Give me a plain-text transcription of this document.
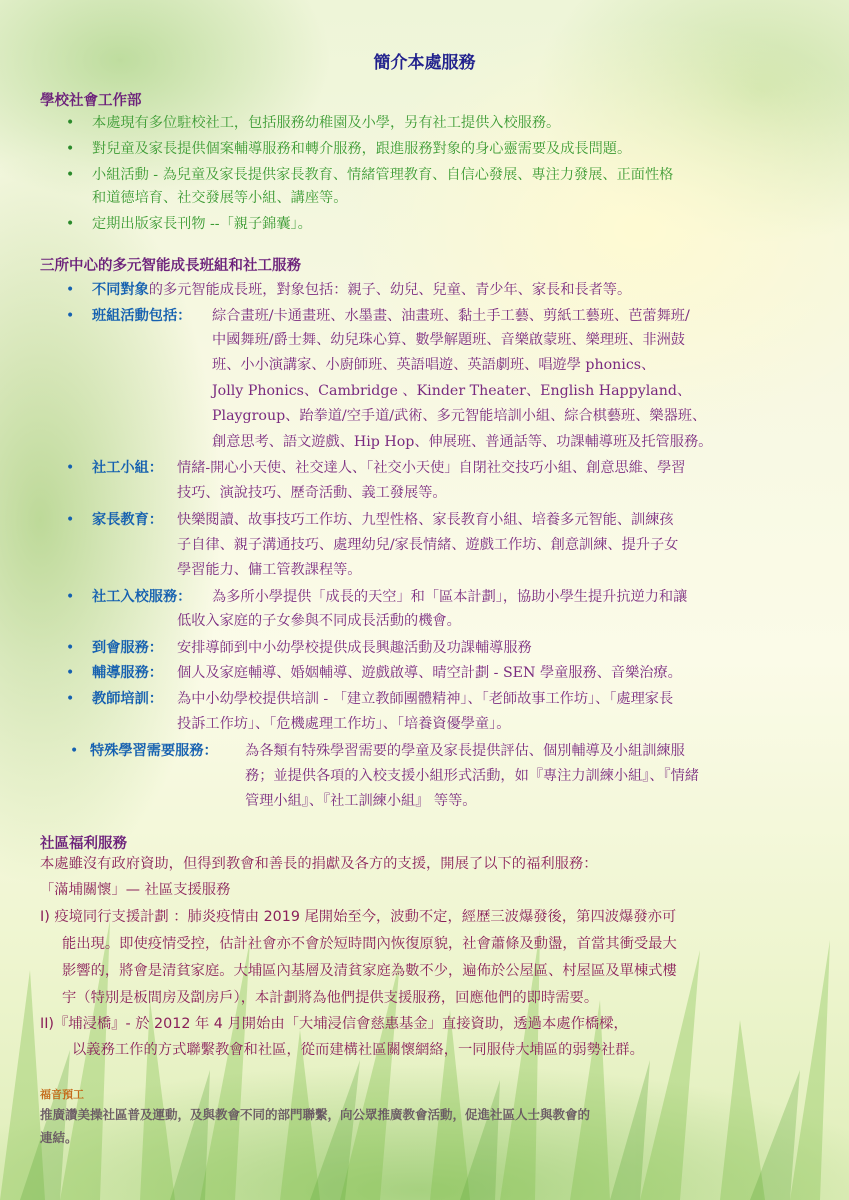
簡介本處服務
學校社會工作部
• 本處現有多位駐校社工，包括服務幼稚園及小學，另有社工提供入校服務。
• 對兒童及家長提供個案輔導服務和轉介服務，跟進服務對象的身心靈需要及成長問題。
• 小組活動 - 為兒童及家長提供家長教育、情緒管理教育、自信心發展、專注力發展、正面性格
和道德培育、社交發展等小組、講座等。
• 定期出版家長刊物 --「親子錦囊」。
三所中心的多元智能成長班組和社工服務
• 不同對象的多元智能成長班，對象包括：親子、幼兒、兒童、青少年、家長和長者等。
• 班組活動包括： 綜合畫班/卡通畫班、水墨畫、油畫班、黏土手工藝、剪紙工藝班、芭蕾舞班/
中國舞班/爵士舞、幼兒珠心算、數學解題班、音樂啟蒙班、樂理班、非洲鼓
班、小小演講家、小廚師班、英語唱遊、英語劇班、唱遊學 phonics、
Jolly Phonics、Cambridge 、Kinder Theater、English Happyland、
Playgroup、跆拳道/空手道/武術、多元智能培訓小組、綜合棋藝班、樂器班、
創意思考、語文遊戲、Hip Hop、伸展班、普通話等、功課輔導班及托管服務。
• 社工小組： 情緒-開心小天使、社交達人、「社交小天使」自閉社交技巧小組、創意思維、學習
技巧、演說技巧、歷奇活動、義工發展等。
• 家長教育： 快樂閱讀、故事技巧工作坊、九型性格、家長教育小組、培養多元智能、訓練孩
子自律、親子溝通技巧、處理幼兒/家長情緒、遊戲工作坊、創意訓練、提升子女
學習能力、傭工管教課程等。
• 社工入校服務： 為多所小學提供「成長的天空」和「區本計劃」，協助小學生提升抗逆力和讓
低收入家庭的子女參與不同成長活動的機會。
• 到會服務： 安排導師到中小幼學校提供成長興趣活動及功課輔導服務
• 輔導服務： 個人及家庭輔導、婚姻輔導、遊戲啟導、晴空計劃 - SEN 學童服務、音樂治療。
• 教師培訓： 為中小幼學校提供培訓 - 「建立教師團體精神」、「老師故事工作坊」、「處理家長
投訴工作坊」、「危機處理工作坊」、「培養資優學童」。
• 特殊學習需要服務： 為各類有特殊學習需要的學童及家長提供評估、個別輔導及小組訓練服
務；並提供各項的入校支援小組形式活動，如『專注力訓練小組』、『情緒
管理小組』、『社工訓練小組』 等等。
社區福利服務
本處雖沒有政府資助，但得到教會和善長的捐獻及各方的支援，開展了以下的福利服務：
「滿埔關懷」— 社區支援服務
I) 疫境同行支援計劃 ：肺炎疫情由 2019 尾開始至今，波動不定，經歷三波爆發後，第四波爆發亦可
能出現。即使疫情受控，估計社會亦不會於短時間內恢復原貌，社會蕭條及動盪，首當其衝受最大
影響的，將會是清貧家庭。大埔區內基層及清貧家庭為數不少，遍佈於公屋區、村屋區及單棟式樓
宇（特別是板間房及劏房戶），本計劃將為他們提供支援服務，回應他們的即時需要。
II)『埔浸橋』- 於 2012 年 4 月開始由「大埔浸信會慈惠基金」直接資助，透過本處作橋樑，
以義務工作的方式聯繫教會和社區，從而建構社區關懷網絡，一同服侍大埔區的弱勢社群。
福音預工
推廣讚美操社區普及運動，及與教會不同的部門聯繫，向公眾推廣教會活動，促進社區人士與教會的
連結。
